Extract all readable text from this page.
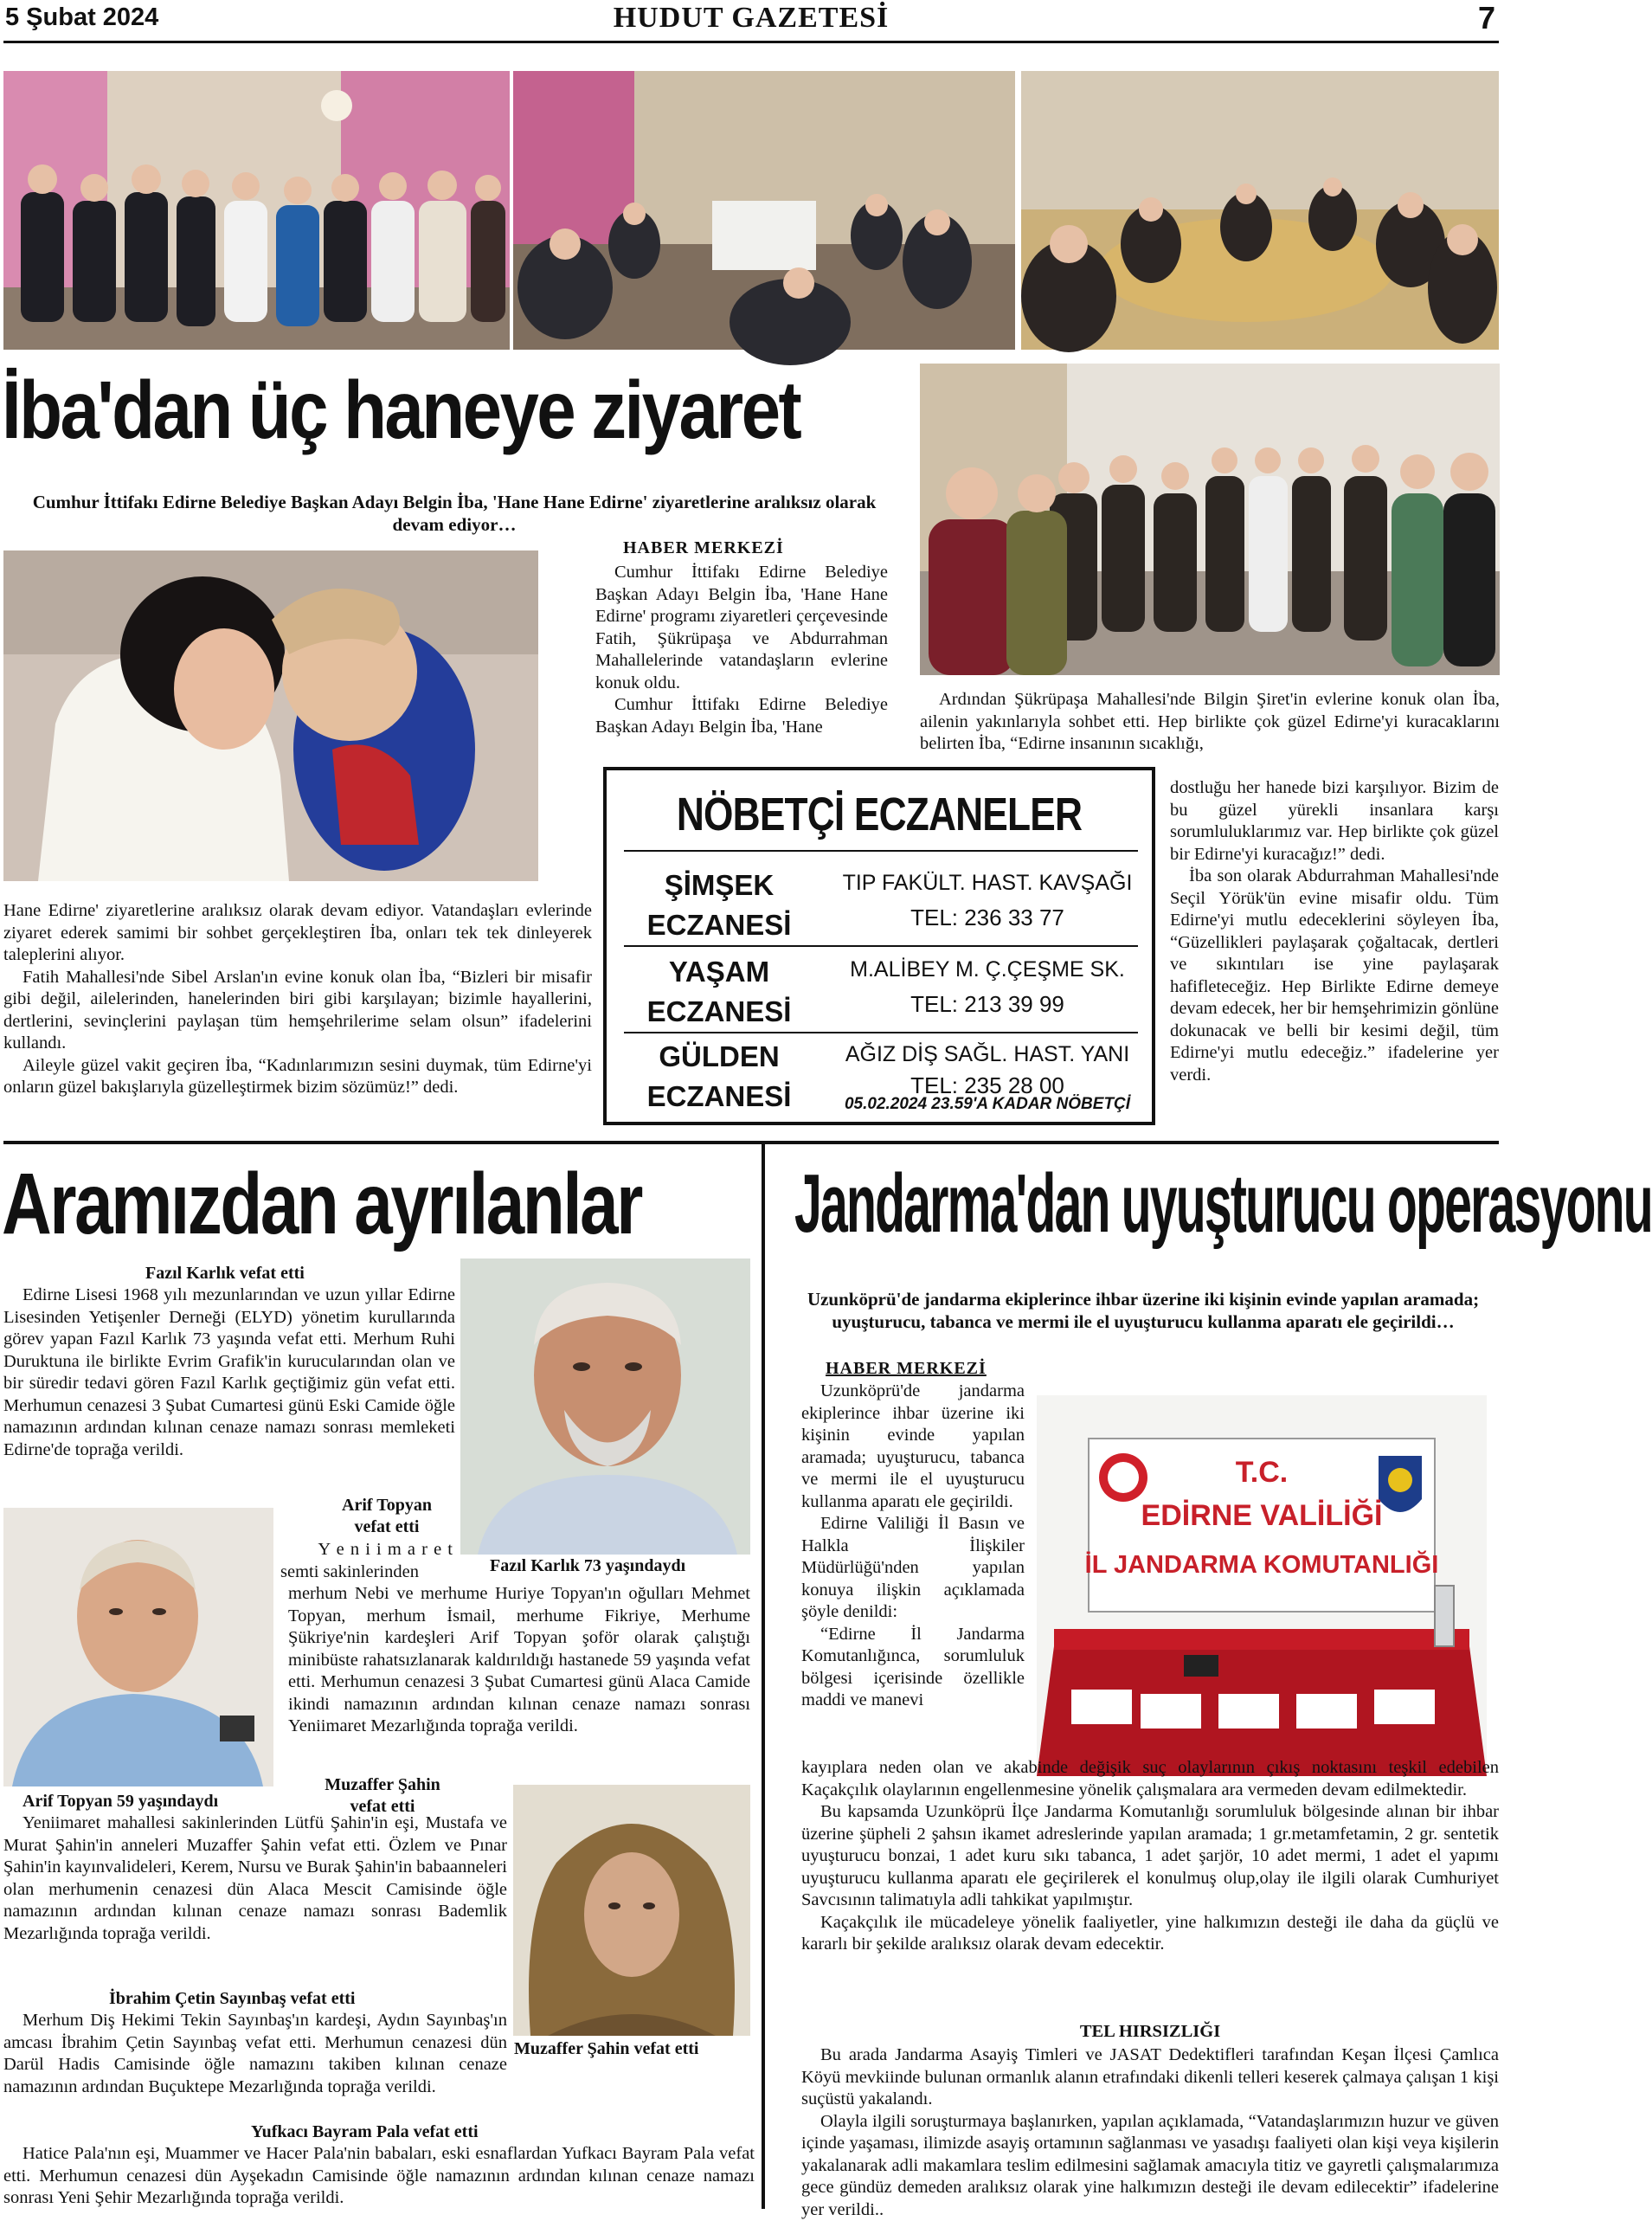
5 Şubat 2024	HUDUT GAZETESİ	7
İba'dan üç haneye ziyaret
Cumhur İttifakı Edirne Belediye Başkan Adayı Belgin İba, 'Hane Hane Edirne' ziyaretlerine aralıksız olarak devam ediyor…
HABER MERKEZİ

Cumhur İttifakı Edirne Belediye Başkan Adayı Belgin İba, 'Hane Hane Edirne' programı ziyaretleri çerçevesinde Fatih, Şükrüpaşa ve Abdurrahman Mahallelerinde vatandaşların evlerine konuk oldu.

Cumhur İttifakı Edirne Belediye Başkan Adayı Belgin İba, 'Hane

Hane Edirne' ziyaretlerine aralıksız olarak devam ediyor. Vatandaşları evlerinde ziyaret ederek samimi bir sohbet gerçekleştiren İba, onları tek tek dinleyerek taleplerini alıyor.

Fatih Mahallesi'nde Sibel Arslan'ın evine konuk olan İba, “Bizleri bir misafir gibi değil, ailelerinden, hanelerinden biri gibi karşılayan; bizimle hayallerini, dertlerini, sevinçlerini paylaşan tüm hemşehrilerime selam olsun” ifadelerini kullandı.

Aileyle güzel vakit geçiren İba, “Kadınlarımızın sesini duymak, tüm Edirne'yi onların güzel bakışlarıyla güzelleştirmek bizim sözümüz!” dedi.

Ardından Şükrüpaşa Mahallesi'nde Bilgin Şiret'in evlerine konuk olan İba, ailenin yakınlarıyla sohbet etti. Hep birlikte çok güzel Edirne'yi kuracaklarını belirten İba, “Edirne insanının sıcaklığı,

dostluğu her hanede bizi karşılıyor. Bizim de bu güzel yürekli insanlara karşı sorumluluklarımız var. Hep birlikte çok güzel bir Edirne'yi kuracağız!” dedi.

İba son olarak Abdurrahman Mahallesi'nde Seçil Yörük'ün evine misafir oldu. Tüm Edirne'yi mutlu edeceklerini söyleyen İba, “Güzellikleri paylaşarak çoğaltacak, dertleri ve sıkıntıları ise yine paylaşarak hafifleteceğiz. Hep Birlikte Edirne demeye devam edecek, her bir hemşehrimizin gönlüne dokunacak ve belli bir kesimi değil, tüm Edirne'yi mutlu edeceğiz.” ifadelerine yer verdi.

NÖBETÇİ ECZANELER
ŞİMŞEK
ECZANESİ
TIP FAKÜLT. HAST. KAVŞAĞI
TEL: 236 33 77
YAŞAM
ECZANESİ
M.ALİBEY M. Ç.ÇEŞME SK.
TEL: 213 39 99
GÜLDEN
ECZANESİ
AĞIZ DİŞ SAĞL. HAST. YANI
TEL: 235 28 00
05.02.2024 23.59'A KADAR NÖBETÇİ
Aramızdan ayrılanlar
Fazıl Karlık vefat etti

Edirne Lisesi 1968 yılı mezunlarından ve uzun yıllar Edirne Lisesinden Yetişenler Derneği (ELYD) yönetim kurullarında görev yapan Fazıl Karlık 73 yaşında vefat etti. Merhum Ruhi Duruktuna ile birlikte Evrim Grafik'in kurucularından olan ve bir süredir tedavi gören Fazıl Karlık geçtiğimiz gün vefat etti. Merhumun cenazesi 3 Şubat Cumartesi günü Eski Camide öğle namazının ardından kılınan cenaze namazı sonrası memleketi Edirne'de toprağa verildi.

Fazıl Karlık 73 yaşındaydı
Arif Topyan
vefat etti

Y e n i i m a r e t

semti sakinlerinden

merhum Nebi ve merhume Huriye Topyan'ın oğulları Mehmet Topyan, merhum İsmail, merhume Fikriye, Merhume Şükriye'nin kardeşleri Arif Topyan şoför olarak çalıştığı minibüste rahatsızlanarak kaldırıldığı hastanede 59 yaşında vefat etti. Merhumun cenazesi 3 Şubat Cumartesi günü Alaca Camide ikindi namazının ardından kılınan cenaze namazı sonrası Yeniimaret Mezarlığında toprağa verildi.

Arif Topyan 59 yaşındaydı
Muzaffer Şahin
vefat etti

Yeniimaret mahallesi sakinlerinden Lütfü Şahin'in eşi, Mustafa ve Murat Şahin'in anneleri Muzaffer Şahin vefat etti. Özlem ve Pınar Şahin'in kayınvalideleri, Kerem, Nursu ve Burak Şahin'in babaanneleri olan merhumenin cenazesi dün Alaca Mescit Camisinde öğle namazının ardından kılınan cenaze namazı sonrası Bademlik Mezarlığında toprağa verildi.

İbrahim Çetin Sayınbaş vefat etti

Merhum Diş Hekimi Tekin Sayınbaş'ın kardeşi, Aydın Sayınbaş'ın amcası İbrahim Çetin Sayınbaş vefat etti. Merhumun cenazesi dün Darül Hadis Camisinde öğle namazını takiben kılınan cenaze namazının ardından Buçuktepe Mezarlığında toprağa verildi.

Muzaffer Şahin vefat etti
Yufkacı Bayram Pala vefat etti

Hatice Pala'nın eşi, Muammer ve Hacer Pala'nin babaları, eski esnaflardan Yufkacı Bayram Pala vefat etti. Merhumun cenazesi dün Ayşekadın Camisinde öğle namazının ardından kılınan cenaze namazı sonrası Yeni Şehir Mezarlığında toprağa verildi.

Jandarma'dan uyuşturucu operasyonu
Uzunköprü'de jandarma ekiplerince ihbar üzerine iki kişinin evinde yapılan aramada; uyuşturucu, tabanca ve mermi ile el uyuşturucu kullanma aparatı ele geçirildi…
HABER MERKEZİ

Uzunköprü'de jandarma ekiplerince ihbar üzerine iki kişinin evinde yapılan aramada; uyuşturucu, tabanca ve mermi ile el uyuşturucu kullanma aparatı ele geçirildi.

Edirne Valiliği İl Basın ve Halkla İlişkiler Müdürlüğü'nden yapılan konuya ilişkin açıklamada şöyle denildi:

“Edirne İl Jandarma Komutanlığınca, sorumluluk bölgesi içerisinde özellikle maddi ve manevi

T.C.
EDİRNE VALİLİĞİ
İL JANDARMA KOMUTANLIĞI

kayıplara neden olan ve akabinde değişik suç olaylarının çıkış noktasını teşkil edebilen Kaçakçılık olaylarının engellenmesine yönelik çalışmalara ara vermeden devam edilmektedir.

Bu kapsamda Uzunköprü İlçe Jandarma Komutanlığı sorumluluk bölgesinde alınan bir ihbar üzerine şüpheli 2 şahsın ikamet adreslerinde yapılan aramada; 1 gr.metamfetamin, 2 gr. sentetik uyuşturucu bonzai, 1 adet kuru sıkı tabanca, 1 adet şarjör, 10 adet mermi, 1 adet el yapımı uyuşturucu kullanma aparatı ele geçirilerek el konulmuş olup,olay ile ilgili olarak Cumhuriyet Savcısının talimatıyla adli tahkikat yapılmıştır.

Kaçakçılık ile mücadeleye yönelik faaliyetler, yine halkımızın desteği ile daha da güçlü ve kararlı bir şekilde aralıksız olarak devam edecektir.

TEL HIRSIZLIĞI

Bu arada Jandarma Asayiş Timleri ve JASAT Dedektifleri tarafından Keşan İlçesi Çamlıca Köyü mevkiinde bulunan ormanlık alanın etrafındaki dikenli telleri keserek çalmaya çalışan 1 kişi suçüstü yakalandı.

Olayla ilgili soruşturmaya başlanırken, yapılan açıklamada, “Vatandaşlarımızın huzur ve güven içinde yaşaması, ilimizde asayiş ortamının sağlanması ve yasadışı faaliyeti olan kişi veya kişilerin yakalanarak adli makamlara teslim edilmesini sağlamak amacıyla titiz ve gayretli çalışmalarımıza gece gündüz demeden aralıksız olarak yine halkımızın desteği ile devam edilecektir” ifadelerine yer verildi..
